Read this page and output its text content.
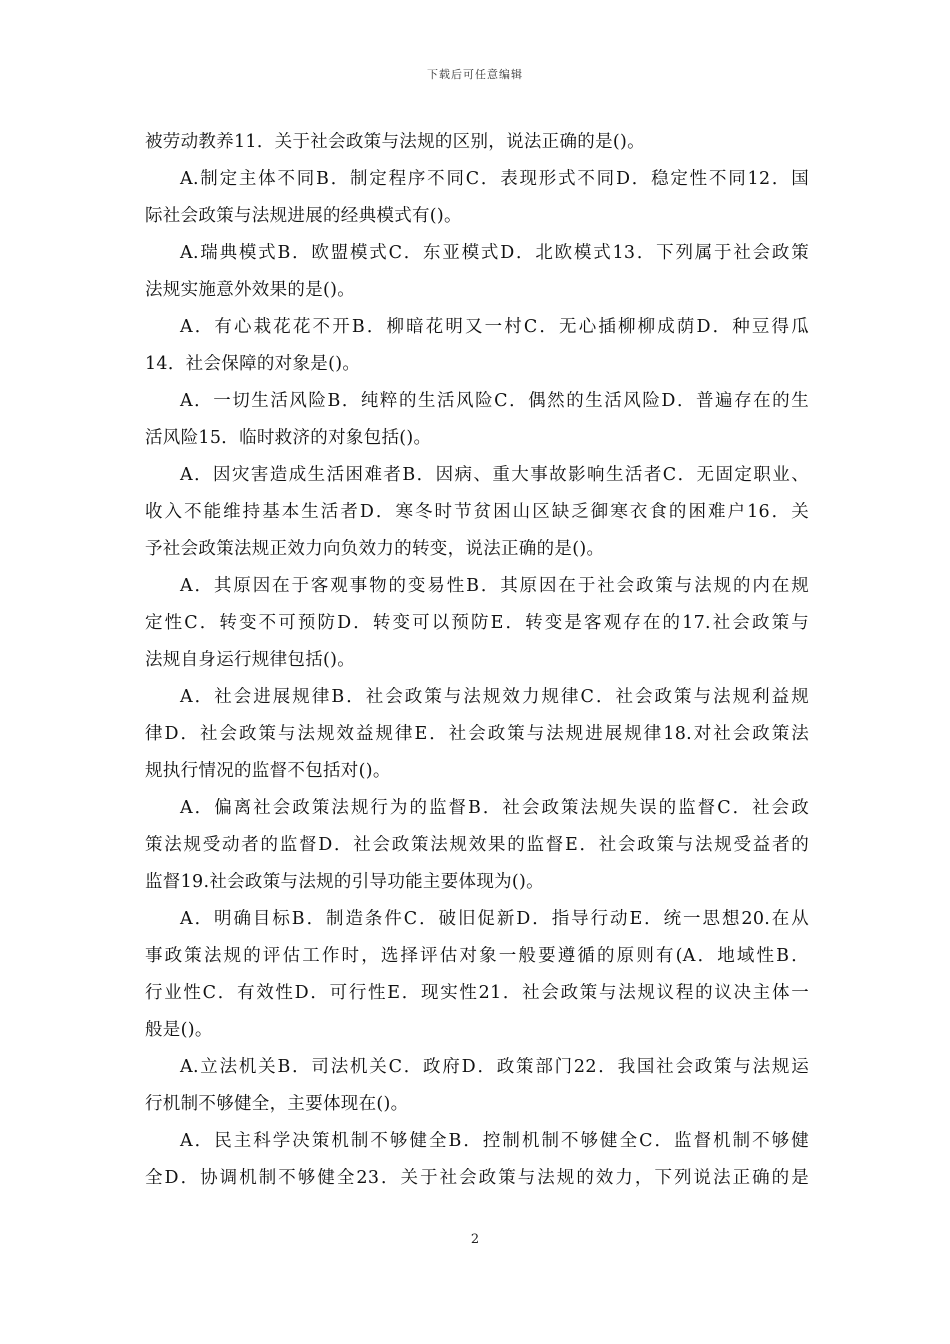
下载后可任意编辑
被劳动教养11．关于社会政策与法规的区别，说法正确的是()。
A.制定主体不同B．制定程序不同C．表现形式不同D．稳定性不同12．国
际社会政策与法规进展的经典模式有()。
A.瑞典模式B．欧盟模式C．东亚模式D．北欧模式13．下列属于社会政策
法规实施意外效果的是()。
A．有心栽花花不开B．柳暗花明又一村C．无心插柳柳成荫D．种豆得瓜
14．社会保障的对象是()。
A．一切生活风险B．纯粹的生活风险C．偶然的生活风险D．普遍存在的生
活风险15．临时救济的对象包括()。
A．因灾害造成生活困难者B．因病、重大事故影响生活者C．无固定职业、
收入不能维持基本生活者D．寒冬时节贫困山区缺乏御寒衣食的困难户16．关
予社会政策法规正效力向负效力的转变，说法正确的是()。
A．其原因在于客观事物的变易性B．其原因在于社会政策与法规的内在规
定性C．转变不可预防D．转变可以预防E．转变是客观存在的17.社会政策与
法规自身运行规律包括()。
A．社会进展规律B．社会政策与法规效力规律C．社会政策与法规利益规
律D．社会政策与法规效益规律E．社会政策与法规进展规律18.对社会政策法
规执行情况的监督不包括对()。
A．偏离社会政策法规行为的监督B．社会政策法规失误的监督C．社会政
策法规受动者的监督D．社会政策法规效果的监督E．社会政策与法规受益者的
监督19.社会政策与法规的引导功能主要体现为()。
A．明确目标B．制造条件C．破旧促新D．指导行动E．统一思想20.在从
事政策法规的评估工作时，选择评估对象一般要遵循的原则有(A．地域性B．
行业性C．有效性D．可行性E．现实性21．社会政策与法规议程的议决主体一
般是()。
A.立法机关B．司法机关C．政府D．政策部门22．我国社会政策与法规运
行机制不够健全，主要体现在()。
A．民主科学决策机制不够健全B．控制机制不够健全C．监督机制不够健
全D．协调机制不够健全23．关于社会政策与法规的效力，下列说法正确的是
2
